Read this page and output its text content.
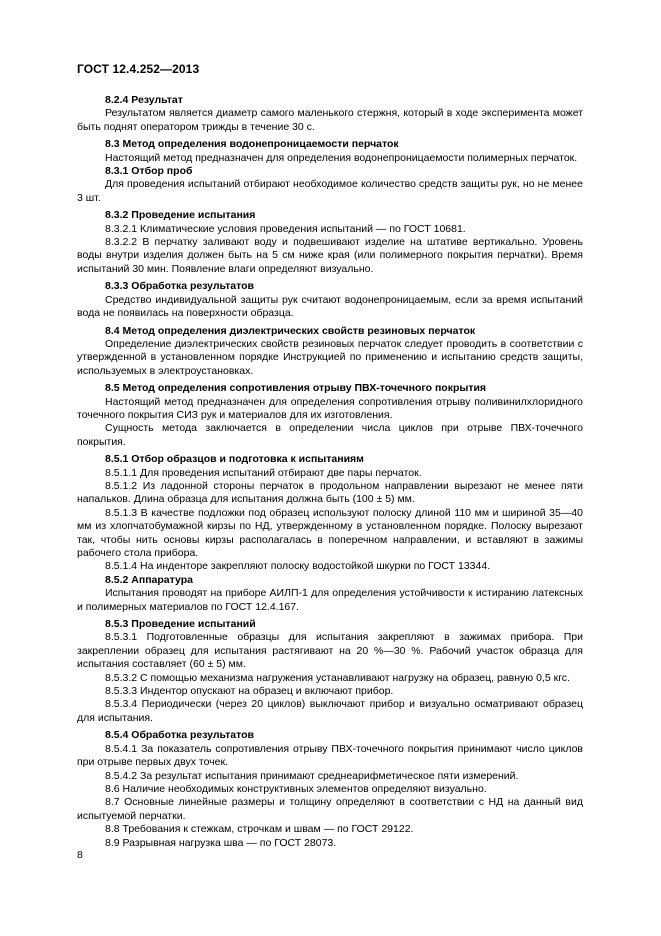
ГОСТ 12.4.252—2013

8.2.4 Результат

Результатом является диаметр самого маленького стержня, который в ходе эксперимента может быть поднят оператором трижды в течение 30 с.

8.3 Метод определения водонепроницаемости перчаток

Настоящий метод предназначен для определения водонепроницаемости полимерных перчаток.

8.3.1 Отбор проб

Для проведения испытаний отбирают необходимое количество средств защиты рук, но не менее 3 шт.

8.3.2 Проведение испытания

8.3.2.1 Климатические условия проведения испытаний — по ГОСТ 10681.

8.3.2.2 В перчатку заливают воду и подвешивают изделие на штативе вертикально. Уровень воды внутри изделия должен быть на 5 см ниже края (или полимерного покрытия перчатки). Время испытаний 30 мин. Появление влаги определяют визуально.

8.3.3 Обработка результатов

Средство индивидуальной защиты рук считают водонепроницаемым, если за время испытаний вода не появилась на поверхности образца.

8.4 Метод определения диэлектрических свойств резиновых перчаток

Определение диэлектрических свойств резиновых перчаток следует проводить в соответствии с утвержденной в установленном порядке Инструкцией по применению и испытанию средств защиты, используемых в электроустановках.

8.5 Метод определения сопротивления отрыву ПВХ-точечного покрытия

Настоящий метод предназначен для определения сопротивления отрыву поливинилхлоридного точечного покрытия СИЗ рук и материалов для их изготовления.

Сущность метода заключается в определении числа циклов при отрыве ПВХ-точечного покрытия.

8.5.1 Отбор образцов и подготовка к испытаниям

8.5.1.1 Для проведения испытаний отбирают две пары перчаток.

8.5.1.2 Из ладонной стороны перчаток в продольном направлении вырезают не менее пяти напальков. Длина образца для испытания должна быть (100 ± 5) мм.

8.5.1.3 В качестве подложки под образец используют полоску длиной 110 мм и шириной 35—40 мм из хлопчатобумажной кирзы по НД, утвержденному в установленном порядке. Полоску вырезают так, чтобы нить основы кирзы располагалась в поперечном направлении, и вставляют в зажимы рабочего стола прибора.

8.5.1.4 На инденторе закрепляют полоску водостойкой шкурки по ГОСТ 13344.

8.5.2 Аппаратура

Испытания проводят на приборе АИЛП-1 для определения устойчивости к истиранию латексных и полимерных материалов по ГОСТ 12.4.167.

8.5.3 Проведение испытаний

8.5.3.1 Подготовленные образцы для испытания закрепляют в зажимах прибора. При закреплении образец для испытания растягивают на 20 %—30 %. Рабочий участок образца для испытания составляет (60 ± 5) мм.

8.5.3.2 С помощью механизма нагружения устанавливают нагрузку на образец, равную 0,5 кгс.

8.5.3.3 Индентор опускают на образец и включают прибор.

8.5.3.4 Периодически (через 20 циклов) выключают прибор и визуально осматривают образец для испытания.

8.5.4 Обработка результатов

8.5.4.1 За показатель сопротивления отрыву ПВХ-точечного покрытия принимают число циклов при отрыве первых двух точек.

8.5.4.2 За результат испытания принимают среднеарифметическое пяти измерений.

8.6 Наличие необходимых конструктивных элементов определяют визуально.

8.7 Основные линейные размеры и толщину определяют в соответствии с НД на данный вид испытуемой перчатки.

8.8 Требования к стежкам, строчкам и швам — по ГОСТ 29122.

8.9 Разрывная нагрузка шва — по ГОСТ 28073.

8
